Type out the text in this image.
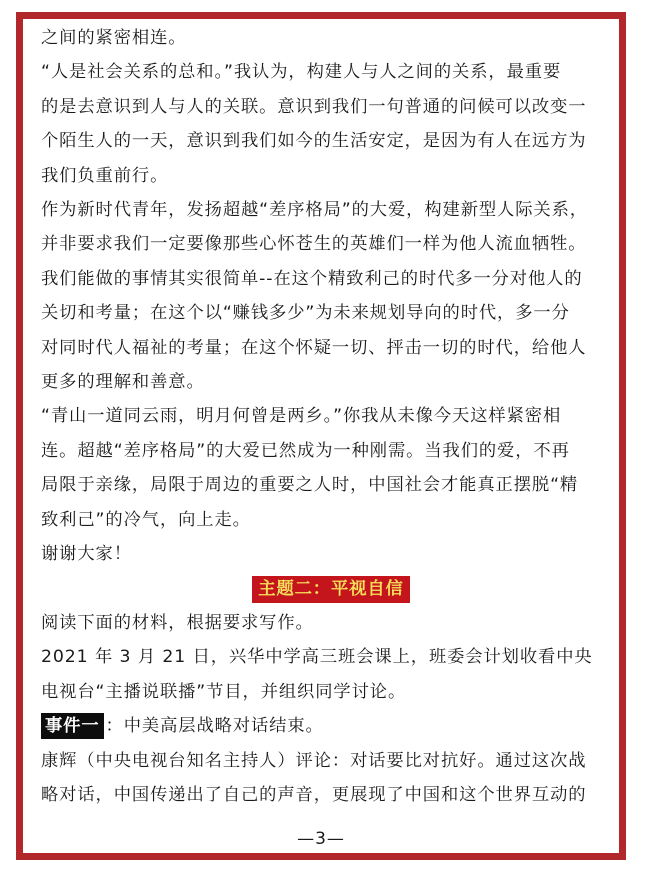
之间的紧密相连。

“人是社会关系的总和。”我认为，构建人与人之间的关系，最重要

的是去意识到人与人的关联。意识到我们一句普通的问候可以改变一

个陌生人的一天，意识到我们如今的生活安定，是因为有人在远方为

我们负重前行。

作为新时代青年，发扬超越“差序格局”的大爱，构建新型人际关系，

并非要求我们一定要像那些心怀苍生的英雄们一样为他人流血牺牲。

我们能做的事情其实很简单--在这个精致利己的时代多一分对他人的

关切和考量；在这个以“赚钱多少”为未来规划导向的时代，多一分

对同时代人福祉的考量；在这个怀疑一切、抨击一切的时代，给他人

更多的理解和善意。

“青山一道同云雨，明月何曾是两乡。”你我从未像今天这样紧密相

连。超越“差序格局”的大爱已然成为一种刚需。当我们的爱，不再

局限于亲缘，局限于周边的重要之人时，中国社会才能真正摆脱“精

致利己”的冷气，向上走。

谢谢大家！

主题二：平视自信

阅读下面的材料，根据要求写作。

2021 年 3 月 21 日，兴华中学高三班会课上，班委会计划收看中央

电视台“主播说联播”节目，并组织同学讨论。

事件一 ：中美高层战略对话结束。

康辉（中央电视台知名主持人）评论：对话要比对抗好。通过这次战

略对话，中国传递出了自己的声音，更展现了中国和这个世界互动的

—3—
